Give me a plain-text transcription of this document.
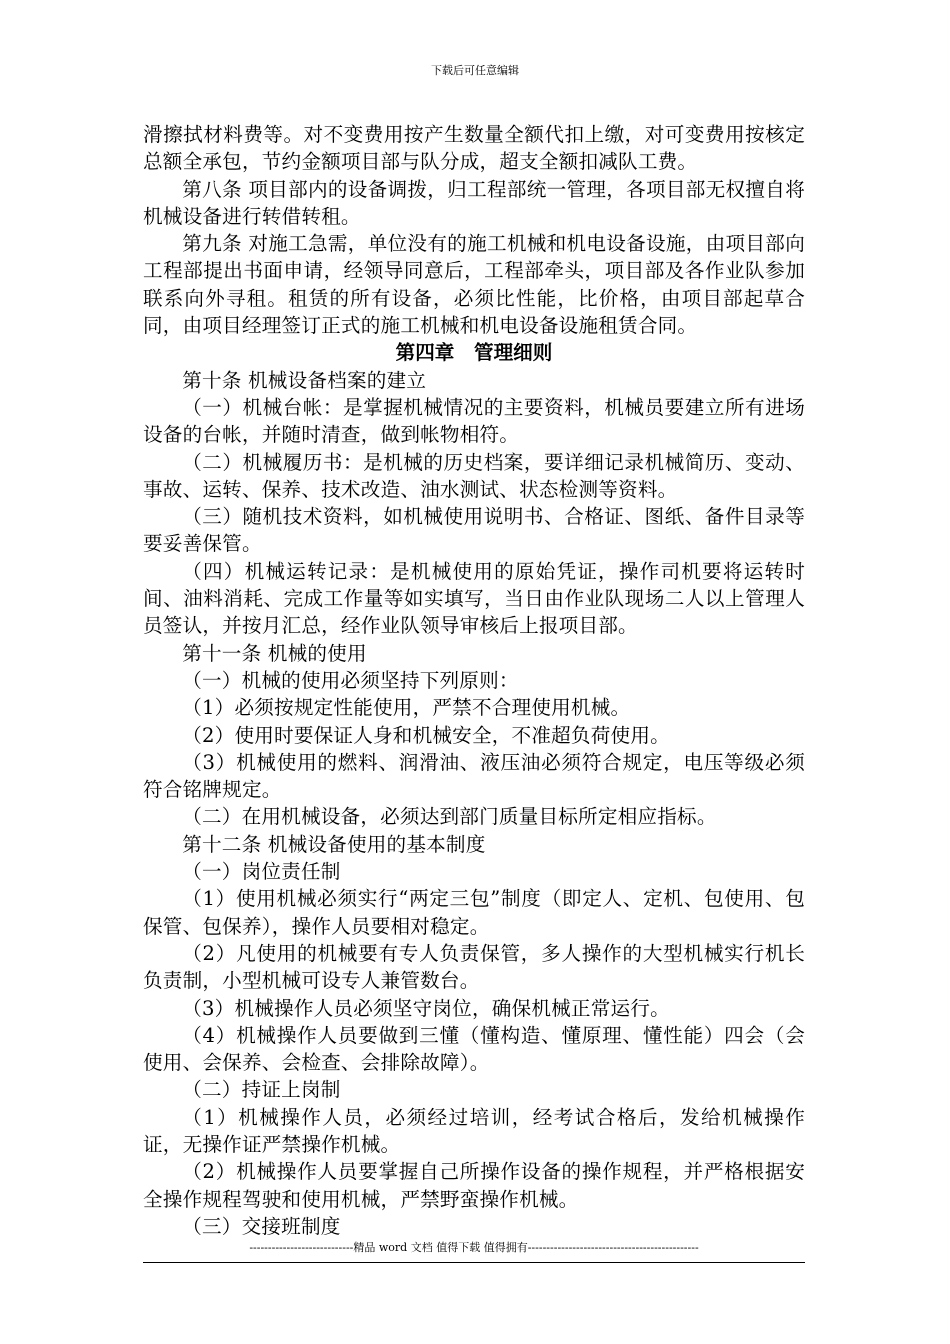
下载后可任意编辑

滑擦拭材料费等。对不变费用按产生数量全额代扣上缴，对可变费用按核定总额全承包，节约金额项目部与队分成，超支全额扣减队工费。

第八条 项目部内的设备调拨，归工程部统一管理，各项目部无权擅自将机械设备进行转借转租。

第九条 对施工急需，单位没有的施工机械和机电设备设施，由项目部向工程部提出书面申请，经领导同意后，工程部牵头，项目部及各作业队参加联系向外寻租。租赁的所有设备，必须比性能，比价格，由项目部起草合同，由项目经理签订正式的施工机械和机电设备设施租赁合同。

第四章　管理细则

第十条 机械设备档案的建立

（一）机械台帐：是掌握机械情况的主要资料，机械员要建立所有进场设备的台帐，并随时清查，做到帐物相符。

（二）机械履历书：是机械的历史档案，要详细记录机械简历、变动、事故、运转、保养、技术改造、油水测试、状态检测等资料。

（三）随机技术资料，如机械使用说明书、合格证、图纸、备件目录等要妥善保管。

（四）机械运转记录：是机械使用的原始凭证，操作司机要将运转时间、油料消耗、完成工作量等如实填写，当日由作业队现场二人以上管理人员签认，并按月汇总，经作业队领导审核后上报项目部。

第十一条 机械的使用

（一）机械的使用必须坚持下列原则：

（1）必须按规定性能使用，严禁不合理使用机械。

（2）使用时要保证人身和机械安全，不准超负荷使用。

（3）机械使用的燃料、润滑油、液压油必须符合规定，电压等级必须符合铭牌规定。

（二）在用机械设备，必须达到部门质量目标所定相应指标。

第十二条 机械设备使用的基本制度

（一）岗位责任制

（1）使用机械必须实行“两定三包”制度（即定人、定机、包使用、包保管、包保养），操作人员要相对稳定。

（2）凡使用的机械要有专人负责保管，多人操作的大型机械实行机长负责制，小型机械可设专人兼管数台。

（3）机械操作人员必须坚守岗位，确保机械正常运行。

（4）机械操作人员要做到三懂（懂构造、懂原理、懂性能）四会（会使用、会保养、会检查、会排除故障）。

（二）持证上岗制

（1）机械操作人员，必须经过培训，经考试合格后，发给机械操作证，无操作证严禁操作机械。

（2）机械操作人员要掌握自己所操作设备的操作规程，并严格根据安全操作规程驾驶和使用机械，严禁野蛮操作机械。

（三）交接班制度

----------------------------精品 word 文档 值得下载 值得拥有----------------------------------------------
